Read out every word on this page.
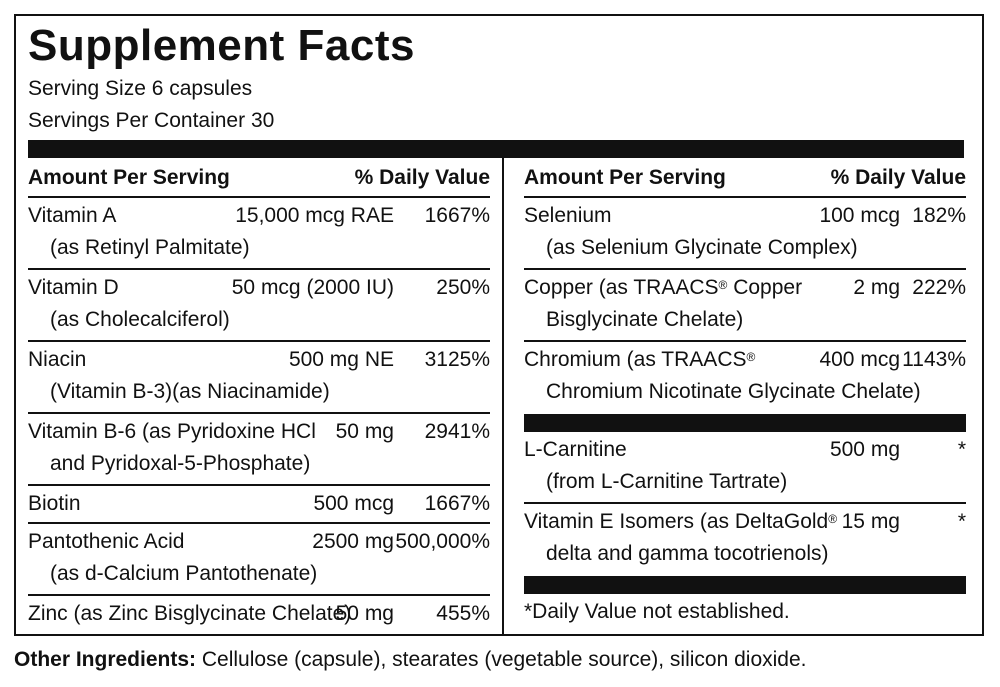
Supplement Facts
Serving Size 6 capsules
Servings Per Container 30
Amount Per Serving	% Daily Value
Vitamin A
(as Retinyl Palmitate)
15,000 mcg RAE 1667%
Vitamin D
(as Cholecalciferol)
50 mcg (2000 IU) 250%
Niacin
(Vitamin B-3)(as Niacinamide)
500 mg NE 3125%
Vitamin B-6 (as Pyridoxine HCl
and Pyridoxal-5-Phosphate)
50 mg 2941%
Biotin	500 mcg 1667%
Pantothenic Acid
(as d-Calcium Pantothenate)
2500 mg 500,000%
Zinc (as Zinc Bisglycinate Chelate)
50 mg 455%
Amount Per Serving	% Daily Value
Selenium
(as Selenium Glycinate Complex)
100 mcg 182%
Copper (as TRAACS® Copper
Bisglycinate Chelate)
2 mg 222%
Chromium (as TRAACS®
Chromium Nicotinate Glycinate Chelate)
400 mcg 1143%
L-Carnitine
(from L-Carnitine Tartrate)
500 mg	*
Vitamin E Isomers (as DeltaGold®
delta and gamma tocotrienols)
15 mg	*
*Daily Value not established.
Other Ingredients: Cellulose (capsule), stearates (vegetable source), silicon dioxide.
